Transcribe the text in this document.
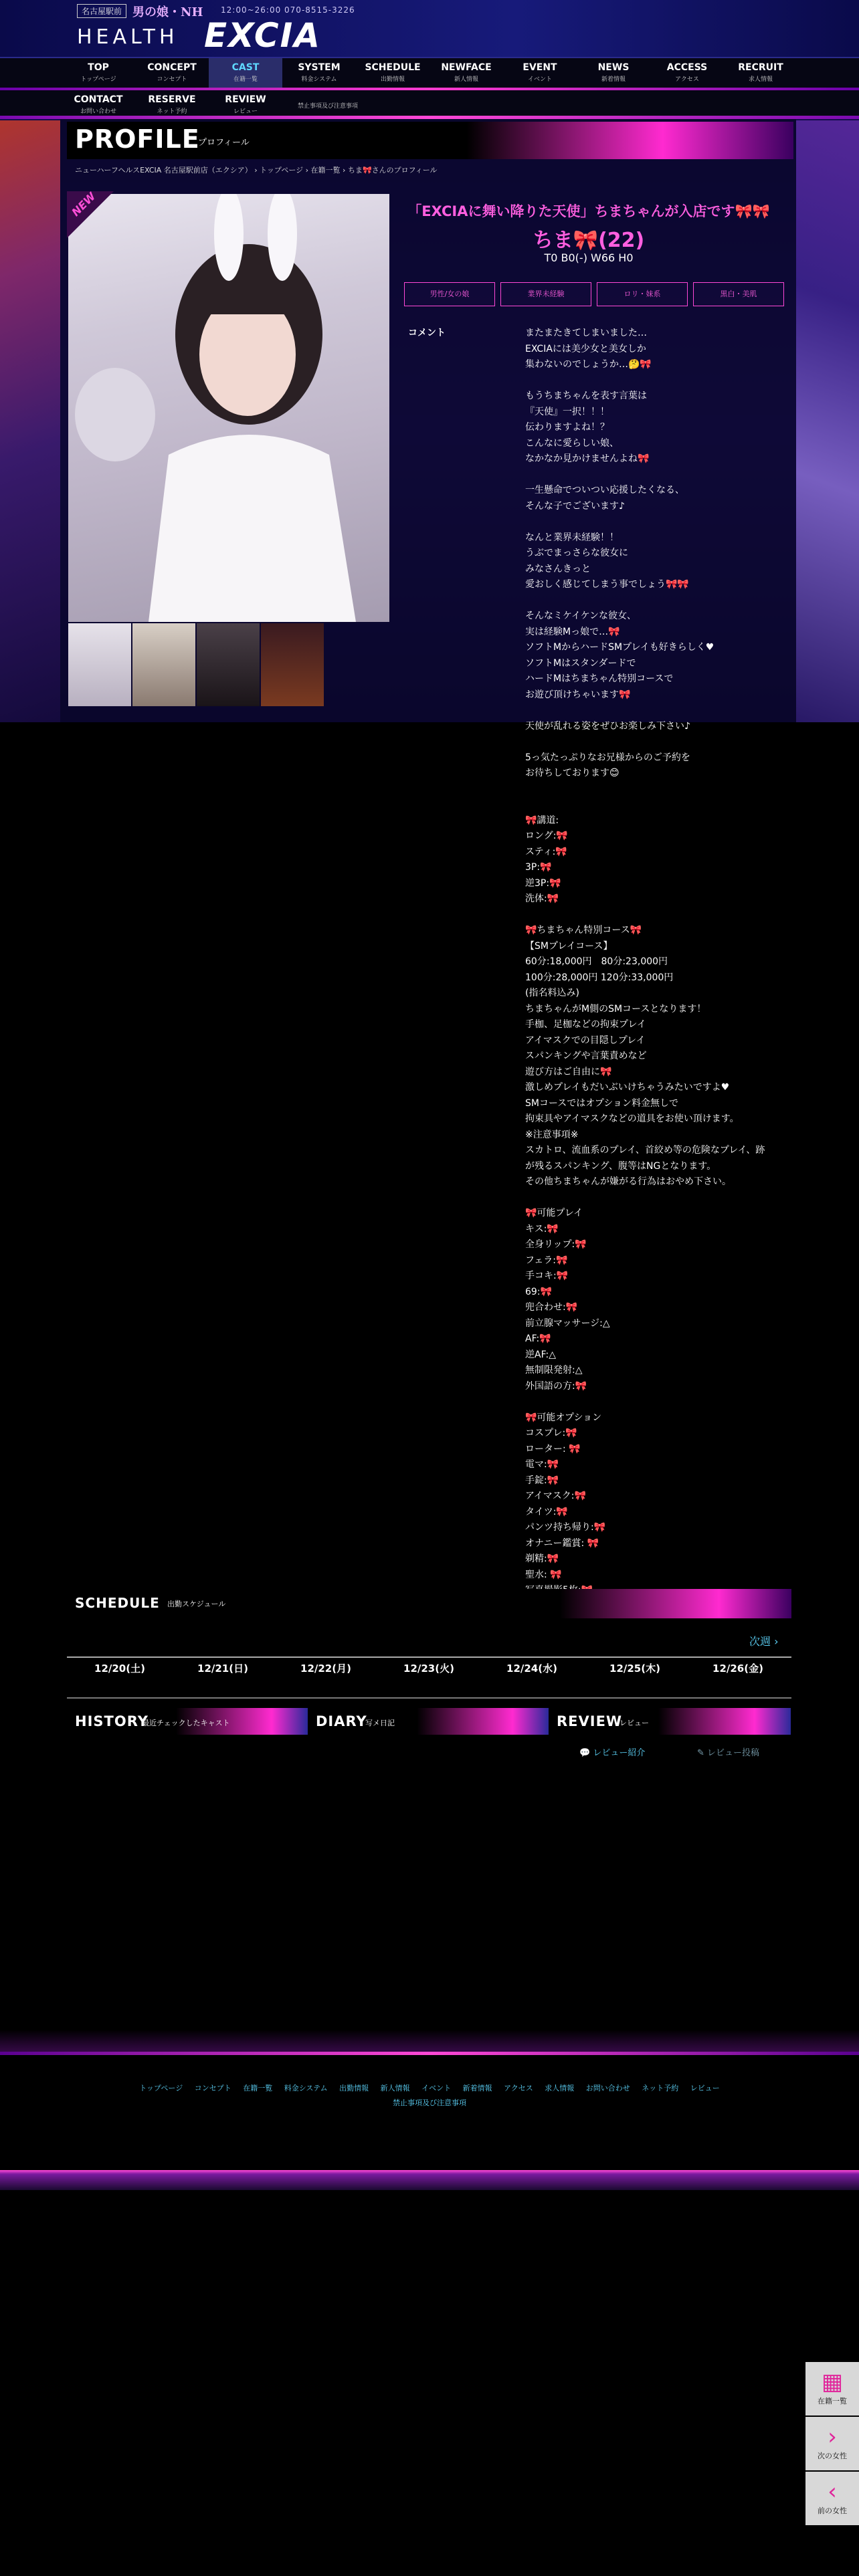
名古屋駅前 男の娘・NH 12:00~26:00 070-8515-3226
HEALTH EXCIA
TOP
トップページ
CONCEPT
コンセプト
CAST
在籍一覧
SYSTEM
料金システム
SCHEDULE
出勤情報
NEWFACE
新人情報
EVENT
イベント
NEWS
新着情報
ACCESS
アクセス
RECRUIT
求人情報
CONTACT
お問い合わせ
RESERVE
ネット予約
REVIEW
レビュー
禁止事項及び注意事項
PROFILE
プロフィール
ニューハーフヘルスEXCIA 名古屋駅前店（エクシア） › トップページ › 在籍一覧 › ちま🎀さんのプロフィール
NEW	「EXCIAに舞い降りた天使」ちまちゃんが入店です🎀🎀
ちま🎀(22)
T0 B0(-) W66 H0
男性/女の娘	業界未経験	ロリ・妹系	黒白・美肌
コメント	またまたきてしまいました…
EXCIAには美少女と美女しか
集わないのでしょうか…🤔🎀

もうちまちゃんを表す言葉は
『天使』一択！！！
伝わりますよね！？
こんなに愛らしい娘、
なかなか見かけませんよね🎀

一生懸命でついつい応援したくなる、
そんな子でございます♪

なんと業界未経験！！
うぶでまっさらな彼女に
みなさんきっと
愛おしく感じてしまう事でしょう🎀🎀

そんなミケイケンな彼女、
実は経験Mっ娘で…🎀
ソフトMからハードSMプレイも好きらしく♥
ソフトMはスタンダードで
ハードMはちまちゃん特別コースで
お遊び頂けちゃいます🎀

天使が乱れる姿をぜひお楽しみ下さい♪

5っ気たっぷりなお兄様からのご予約を
お待ちしております😊

🎀講道:
ロング:🎀
スティ:🎀
3P:🎀
逆3P:🎀
洗体:🎀

🎀ちまちゃん特別コース🎀
【SMプレイコース】
60分:18,000円　80分:23,000円
100分:28,000円 120分:33,000円
(指名料込み)
ちまちゃんがM側のSMコースとなります！
手枷、足枷などの拘束プレイ
アイマスクでの目隠しプレイ
スパンキングや言葉責めなど
遊び方はご自由に🎀
激しめプレイもだいぶいけちゃうみたいですよ♥
SMコースではオプション料金無しで
拘束具やアイマスクなどの道具をお使い頂けます。
※注意事項※
スカトロ、流血系のプレイ、首絞め等の危険なプレイ、跡
が残るスパンキング、腹等はNGとなります。
その他ちまちゃんが嫌がる行為はおやめ下さい。

🎀可能プレイ
キス:🎀
全身リップ:🎀
フェラ:🎀
手コキ:🎀
69:🎀
兜合わせ:🎀
前立腺マッサージ:△
AF:🎀
逆AF:△
無制限発射:△
外国語の方:🎀

🎀可能オプション
コスプレ:🎀
ローター: 🎀
電マ:🎀
手錠:🎀
アイマスク:🎀
タイツ:🎀
パンツ持ち帰り:🎀
オナニー鑑賞: 🎀
剃精:🎀
聖水: 🎀

SCHEDULE 出勤スケジュール
次週 ›
12/20(土)	12/21(日)	12/22(月)	12/23(火)	12/24(水)	12/25(木)	12/26(金)
HISTORY
最近チェックしたキャスト	DIARY
写メ日記	REVIEW
レビュー
💬 レビュー紹介	✎ レビュー投稿
トップページ コンセプト 在籍一覧 料金システム 出勤情報 新人情報 イベント 新着情報 アクセス 求人情報 お問い合わせ ネット予約 レビュー
禁止事項及び注意事項
▦
在籍一覧
›
次の女性
‹
前の女性
